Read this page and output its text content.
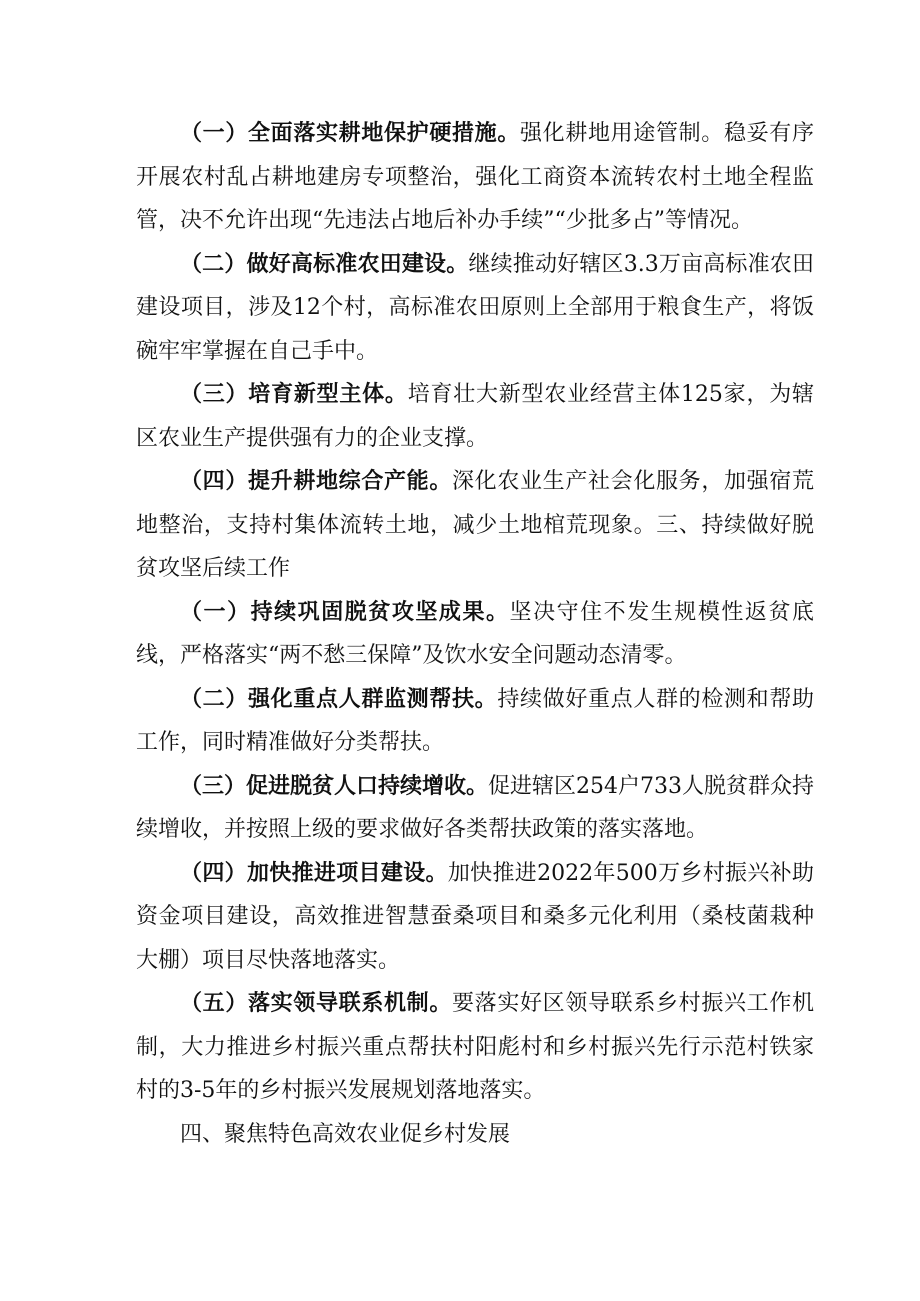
（一）全面落实耕地保护硬措施。强化耕地用途管制。稳妥有序开展农村乱占耕地建房专项整治，强化工商资本流转农村土地全程监管，决不允许出现“先违法占地后补办手续”“少批多占”等情况。

（二）做好高标准农田建设。继续推动好辖区3.3万亩高标准农田建设项目，涉及12个村，高标准农田原则上全部用于粮食生产，将饭碗牢牢掌握在自己手中。

（三）培育新型主体。培育壮大新型农业经营主体125家，为辖区农业生产提供强有力的企业支撑。

（四）提升耕地综合产能。深化农业生产社会化服务，加强宿荒地整治，支持村集体流转土地，减少土地棺荒现象。三、持续做好脱贫攻坚后续工作

（一）持续巩固脱贫攻坚成果。坚决守住不发生规模性返贫底线，严格落实“两不愁三保障”及饮水安全问题动态清零。

（二）强化重点人群监测帮扶。持续做好重点人群的检测和帮助工作，同时精准做好分类帮扶。

（三）促进脱贫人口持续增收。促进辖区254户733人脱贫群众持续增收，并按照上级的要求做好各类帮扶政策的落实落地。

（四）加快推进项目建设。加快推进2022年500万乡村振兴补助资金项目建设，高效推进智慧蚕桑项目和桑多元化利用（桑枝菌栽种大棚）项目尽快落地落实。

（五）落实领导联系机制。要落实好区领导联系乡村振兴工作机制，大力推进乡村振兴重点帮扶村阳彪村和乡村振兴先行示范村铁家村的3-5年的乡村振兴发展规划落地落实。

四、聚焦特色高效农业促乡村发展
